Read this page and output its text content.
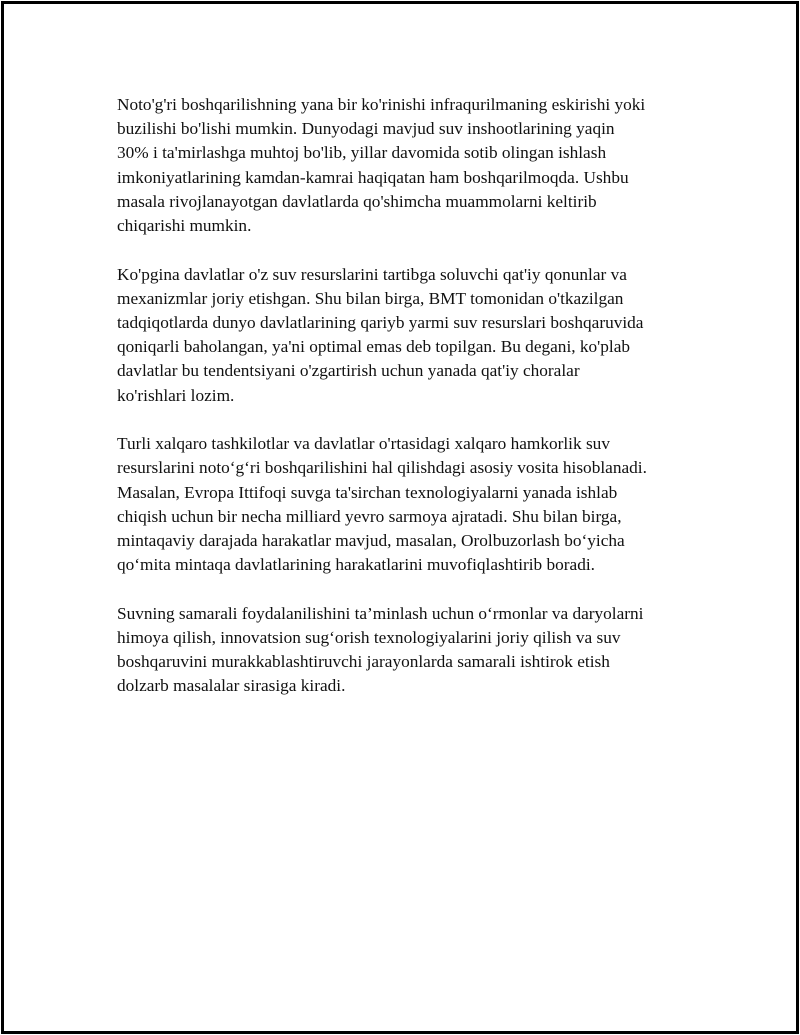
Noto'g'ri boshqarilishning yana bir ko'rinishi infraqurilmaning eskirishi yoki
buzilishi bo'lishi mumkin. Dunyodagi mavjud suv inshootlarining yaqin
30% i ta'mirlashga muhtoj bo'lib, yillar davomida sotib olingan ishlash
imkoniyatlarining kamdan-kamrai haqiqatan ham boshqarilmoqda. Ushbu
masala rivojlanayotgan davlatlarda qo'shimcha muammolarni keltirib
chiqarishi mumkin.

Ko'pgina davlatlar o'z suv resurslarini tartibga soluvchi qat'iy qonunlar va
mexanizmlar joriy etishgan. Shu bilan birga, BMT tomonidan o'tkazilgan
tadqiqotlarda dunyo davlatlarining qariyb yarmi suv resurslari boshqaruvida
qoniqarli baholangan, ya'ni optimal emas deb topilgan. Bu degani, ko'plab
davlatlar bu tendentsiyani o'zgartirish uchun yanada qat'iy choralar
ko'rishlari lozim.

Turli xalqaro tashkilotlar va davlatlar o'rtasidagi xalqaro hamkorlik suv
resurslarini noto‘g‘ri boshqarilishini hal qilishdagi asosiy vosita hisoblanadi.
Masalan, Evropa Ittifoqi suvga ta'sirchan texnologiyalarni yanada ishlab
chiqish uchun bir necha milliard yevro sarmoya ajratadi. Shu bilan birga,
mintaqaviy darajada harakatlar mavjud, masalan, Orolbuzorlash bo‘yicha
qo‘mita mintaqa davlatlarining harakatlarini muvofiqlashtirib boradi.

Suvning samarali foydalanilishini ta’minlash uchun o‘rmonlar va daryolarni
himoya qilish, innovatsion sug‘orish texnologiyalarini joriy qilish va suv
boshqaruvini murakkablashtiruvchi jarayonlarda samarali ishtirok etish
dolzarb masalalar sirasiga kiradi.
